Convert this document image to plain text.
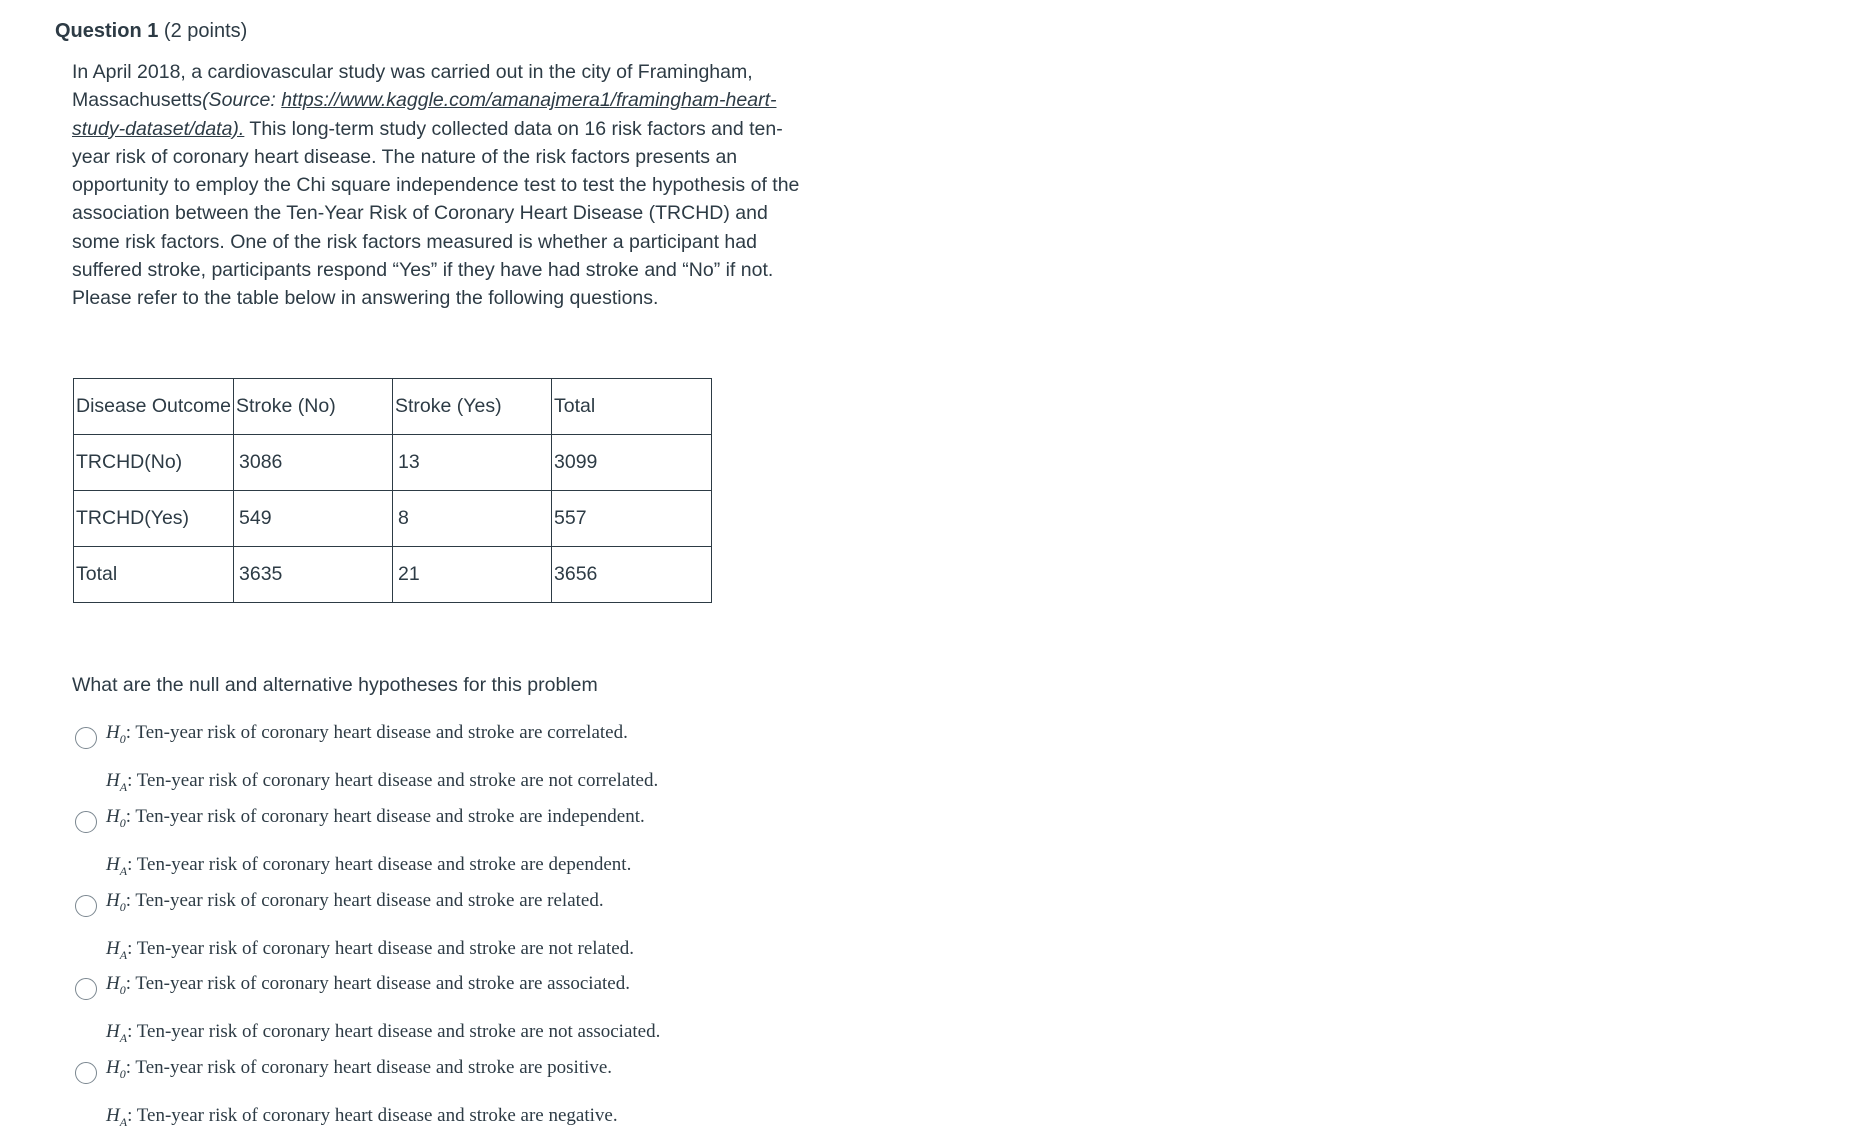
Question 1 (2 points)
In April 2018, a cardiovascular study was carried out in the city of Framingham, Massachusetts(Source: https://www.kaggle.com/amanajmera1/framingham-heart-study-dataset/data). This long-term study collected data on 16 risk factors and ten-year risk of coronary heart disease. The nature of the risk factors presents an opportunity to employ the Chi square independence test to test the hypothesis of the association between the Ten-Year Risk of Coronary Heart Disease (TRCHD) and some risk factors. One of the risk factors measured is whether a participant had suffered stroke, participants respond “Yes” if they have had stroke and “No” if not. Please refer to the table below in answering the following questions.
Disease Outcome	Stroke (No)	Stroke (Yes)	Total
TRCHD(No)	3086	13	3099
TRCHD(Yes)	549	8	557
Total	3635	21	3656
What are the null and alternative hypotheses for this problem
$H_0$: Ten-year risk of coronary heart disease and stroke are correlated.
$H_A$: Ten-year risk of coronary heart disease and stroke are not correlated.
$H_0$: Ten-year risk of coronary heart disease and stroke are independent.
$H_A$: Ten-year risk of coronary heart disease and stroke are dependent.
$H_0$: Ten-year risk of coronary heart disease and stroke are related.
$H_A$: Ten-year risk of coronary heart disease and stroke are not related.
$H_0$: Ten-year risk of coronary heart disease and stroke are associated.
$H_A$: Ten-year risk of coronary heart disease and stroke are not associated.
$H_0$: Ten-year risk of coronary heart disease and stroke are positive.
$H_A$: Ten-year risk of coronary heart disease and stroke are negative.
